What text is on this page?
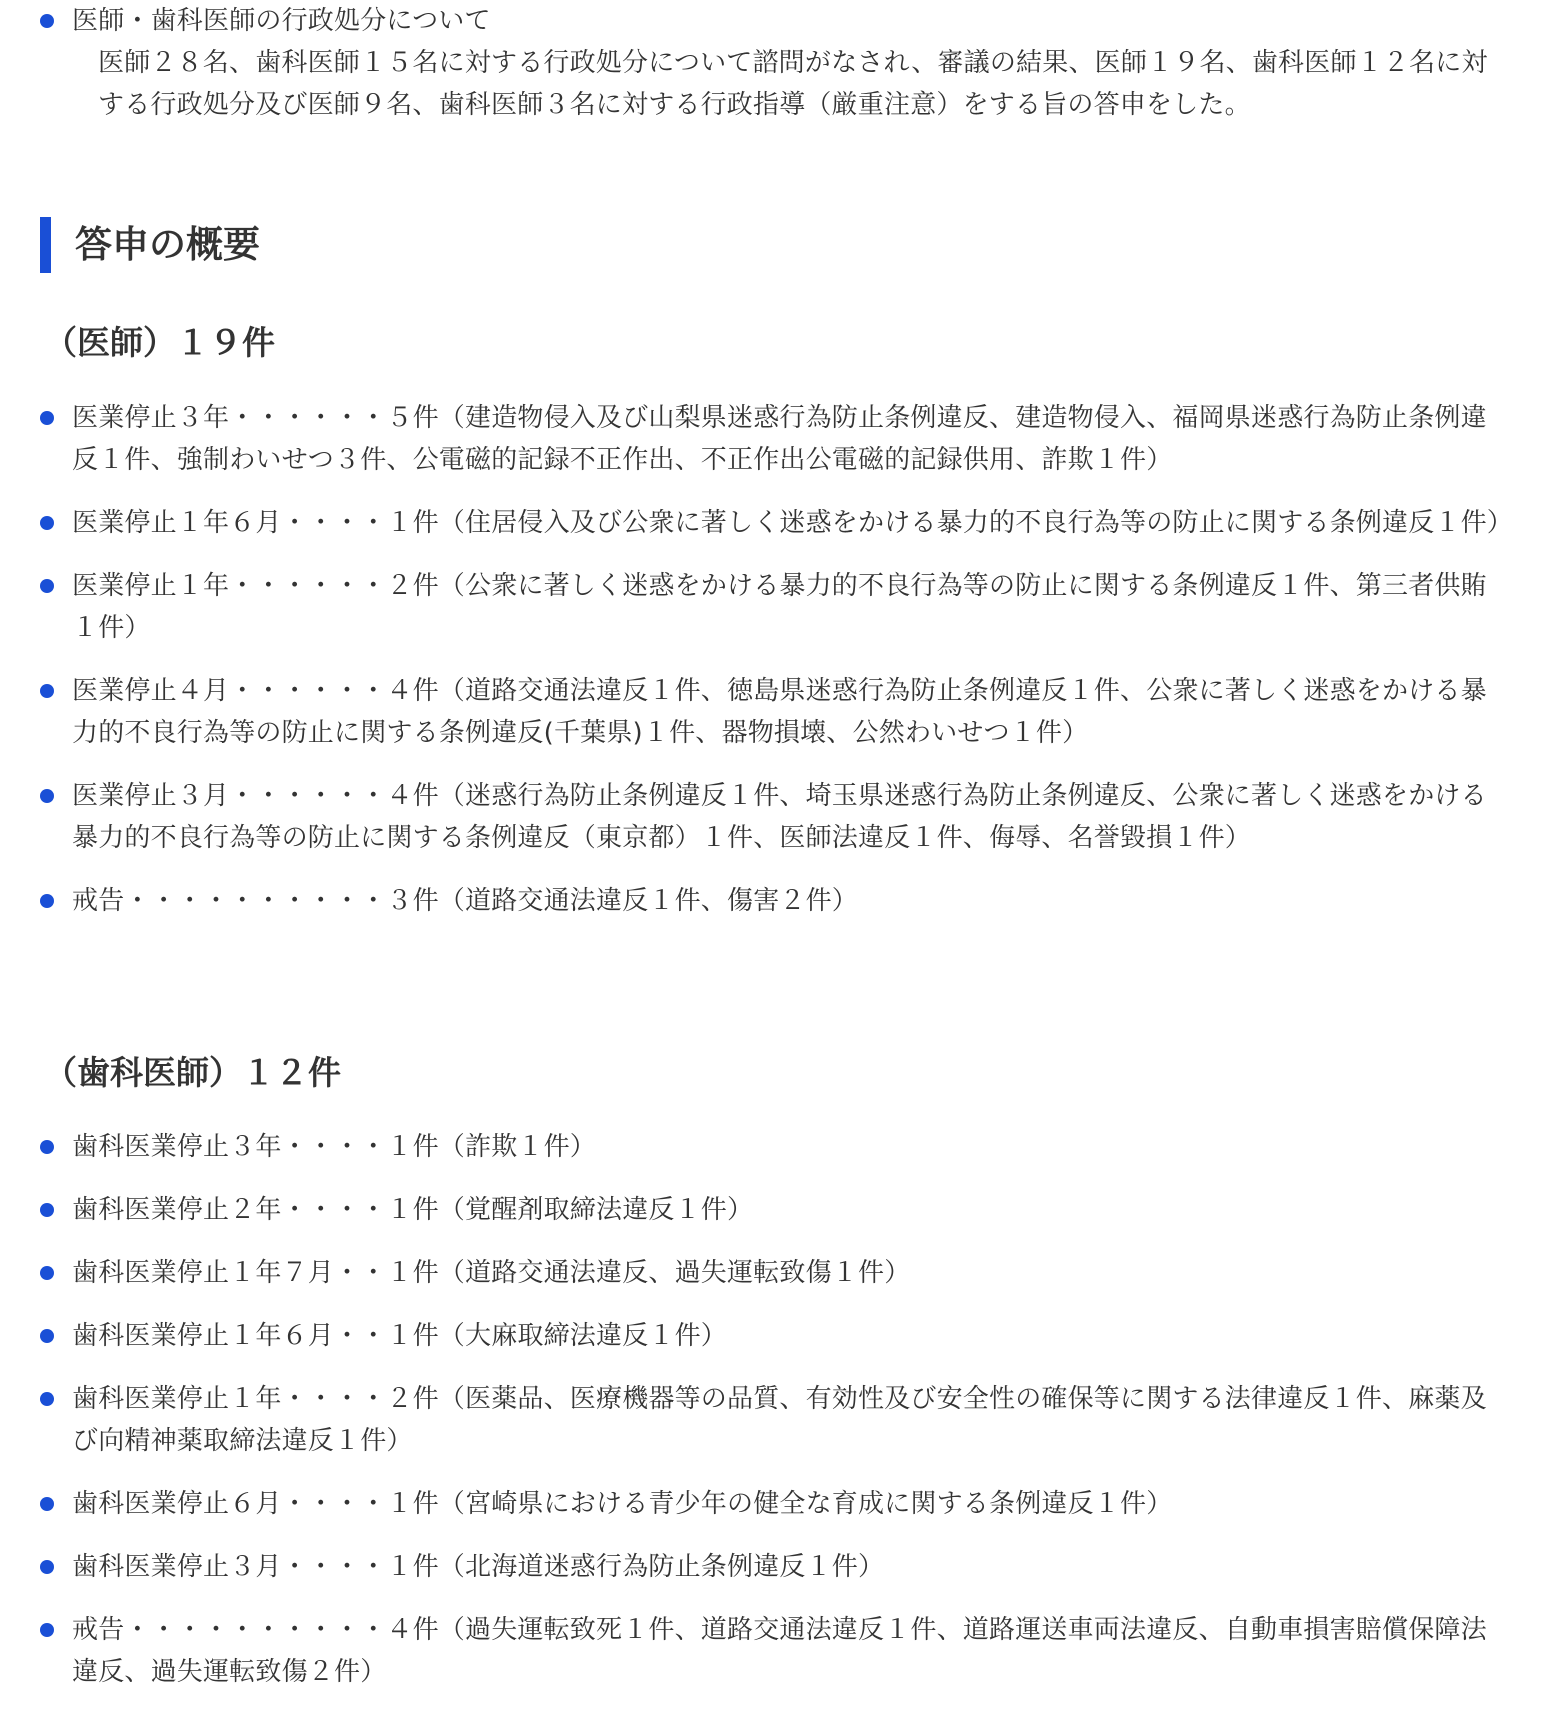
医師・歯科医師の行政処分について
医師２８名、歯科医師１５名に対する行政処分について諮問がなされ、審議の結果、医師１９名、歯科医師１２名に対する行政処分及び医師９名、歯科医師３名に対する行政指導（厳重注意）をする旨の答申をした。
答申の概要
（医師）１９件
医業停止３年・・・・・・５件（建造物侵入及び山梨県迷惑行為防止条例違反、建造物侵入、福岡県迷惑行為防止条例違反１件、強制わいせつ３件、公電磁的記録不正作出、不正作出公電磁的記録供用、詐欺１件）
医業停止１年６月・・・・１件（住居侵入及び公衆に著しく迷惑をかける暴力的不良行為等の防止に関する条例違反１件）
医業停止１年・・・・・・２件（公衆に著しく迷惑をかける暴力的不良行為等の防止に関する条例違反１件、第三者供賄１件）
医業停止４月・・・・・・４件（道路交通法違反１件、徳島県迷惑行為防止条例違反１件、公衆に著しく迷惑をかける暴力的不良行為等の防止に関する条例違反(千葉県)１件、器物損壊、公然わいせつ１件）
医業停止３月・・・・・・４件（迷惑行為防止条例違反１件、埼玉県迷惑行為防止条例違反、公衆に著しく迷惑をかける暴力的不良行為等の防止に関する条例違反（東京都）１件、医師法違反１件、侮辱、名誉毀損１件）
戒告・・・・・・・・・・３件（道路交通法違反１件、傷害２件）
（歯科医師）１２件
歯科医業停止３年・・・・１件（詐欺１件）
歯科医業停止２年・・・・１件（覚醒剤取締法違反１件）
歯科医業停止１年７月・・１件（道路交通法違反、過失運転致傷１件）
歯科医業停止１年６月・・１件（大麻取締法違反１件）
歯科医業停止１年・・・・２件（医薬品、医療機器等の品質、有効性及び安全性の確保等に関する法律違反１件、麻薬及び向精神薬取締法違反１件）
歯科医業停止６月・・・・１件（宮崎県における青少年の健全な育成に関する条例違反１件）
歯科医業停止３月・・・・１件（北海道迷惑行為防止条例違反１件）
戒告・・・・・・・・・・４件（過失運転致死１件、道路交通法違反１件、道路運送車両法違反、自動車損害賠償保障法違反、過失運転致傷２件）
